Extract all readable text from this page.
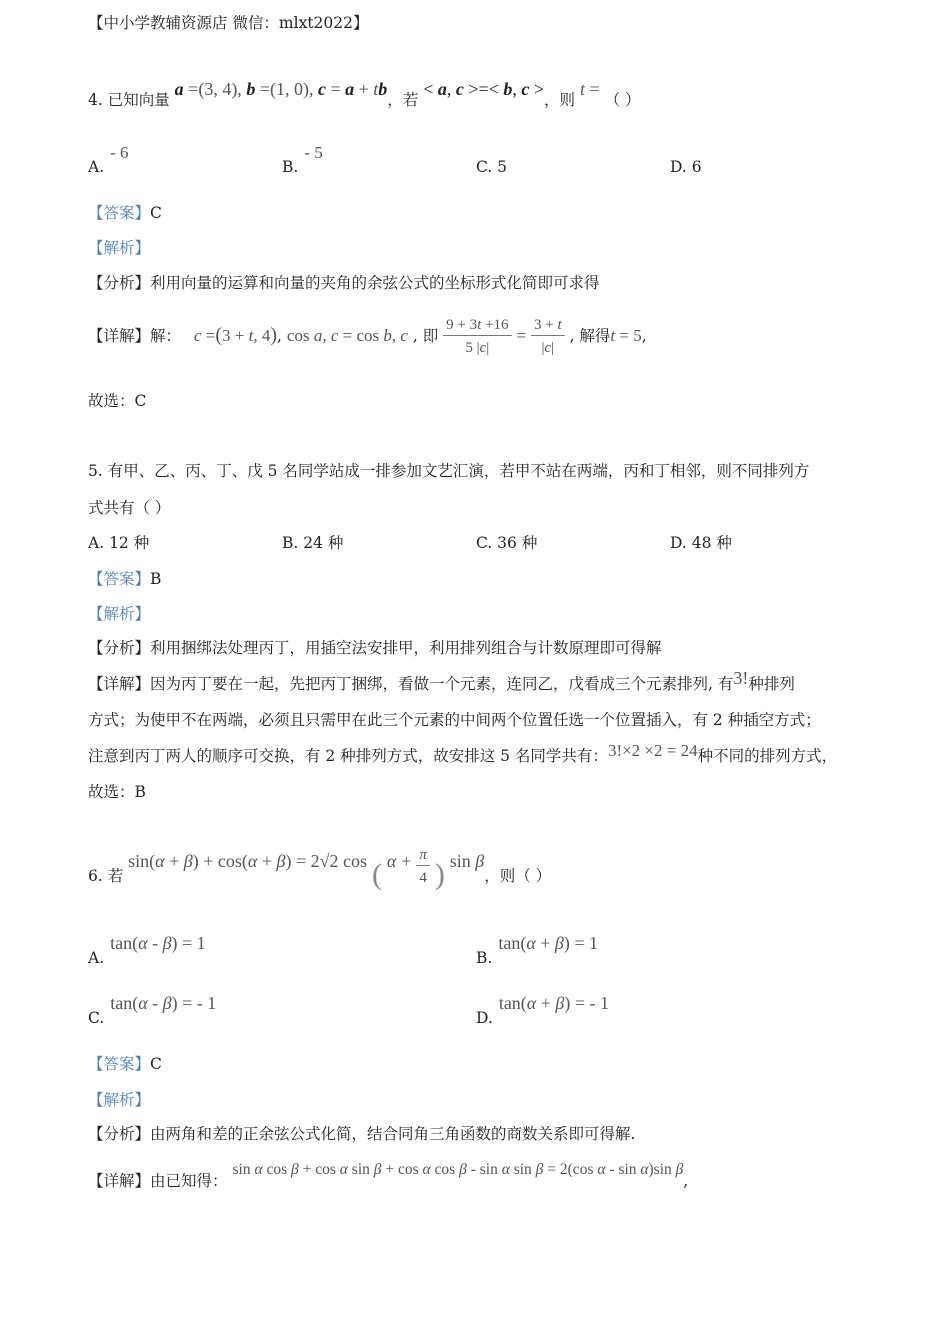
【中小学教辅资源店 微信：mlxt2022】
4. 已知向量 a =(3, 4), b =(1, 0), c = a + tb，若 < a, c >=< b, c >，则 t = （ ）
A.- 6
B.- 5
C. 5	D. 6
【答案】C
【解析】
【分析】利用向量的运算和向量的夹角的余弦公式的坐标形式化简即可求得
【详解】解： c =(3 + t, 4), cos a, c = cos b, c , 即 $\frac{9 + 3t +16}{5 |c|} = \frac{3 + t}{|c|}$ , 解得t = 5,
故选：C
5. 有甲、乙、丙、丁、戊 5 名同学站成一排参加文艺汇演，若甲不站在两端，丙和丁相邻，则不同排列方
式共有（ ）
A. 12 种	B. 24 种	C. 36 种	D. 48 种
【答案】B
【解析】
【分析】利用捆绑法处理丙丁，用插空法安排甲，利用排列组合与计数原理即可得解
【详解】因为丙丁要在一起，先把丙丁捆绑，看做一个元素，连同乙，戊看成三个元素排列, 有3!种排列
方式；为使甲不在两端，必须且只需甲在此三个元素的中间两个位置任选一个位置插入，有 2 种插空方式；
注意到丙丁两人的顺序可交换，有 2 种排列方式，故安排这 5 名同学共有：3!×2 ×2 = 24种不同的排列方式，
故选：B
6. 若 sin(α + β) + cos(α + β) = 2√2 cos ( $\alpha + \frac{\pi}{4}$ ) sin β，则（ ）
A.tan(α - β) = 1
B.tan(α + β) = 1
C.tan(α - β) = - 1
D.tan(α + β) = - 1
【答案】C
【解析】
【分析】由两角和差的正余弦公式化简，结合同角三角函数的商数关系即可得解.
【详解】由已知得： sin α cos β + cos α sin β + cos α cos β - sin α sin β = 2(cos α - sin α)sin β,
